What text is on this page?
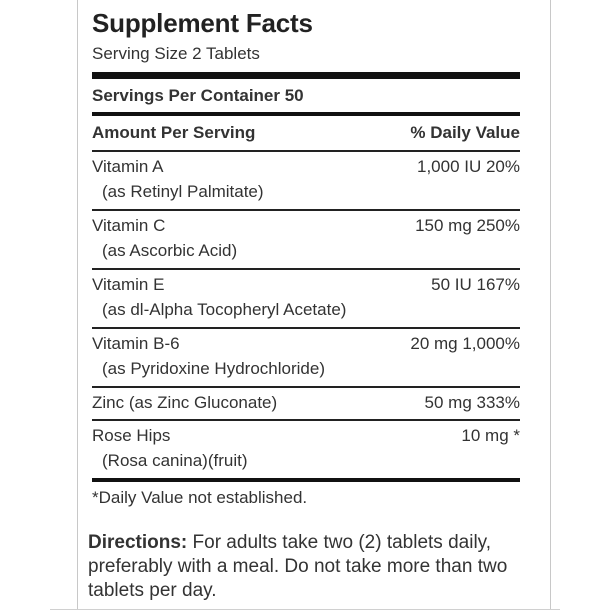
Supplement Facts
Serving Size 2 Tablets
Servings Per Container 50
Amount Per Serving	% Daily Value
Vitamin A	1,000 IU 20%
(as Retinyl Palmitate)
Vitamin C	150 mg 250%
(as Ascorbic Acid)
Vitamin E	50 IU 167%
(as dl-Alpha Tocopheryl Acetate)
Vitamin B-6	20 mg 1,000%
(as Pyridoxine Hydrochloride)
Zinc (as Zinc Gluconate)	50 mg 333%
Rose Hips	10 mg *
(Rosa canina)(fruit)
*Daily Value not established.
Directions: For adults take two (2) tablets daily, preferably with a meal. Do not take more than two tablets per day.
